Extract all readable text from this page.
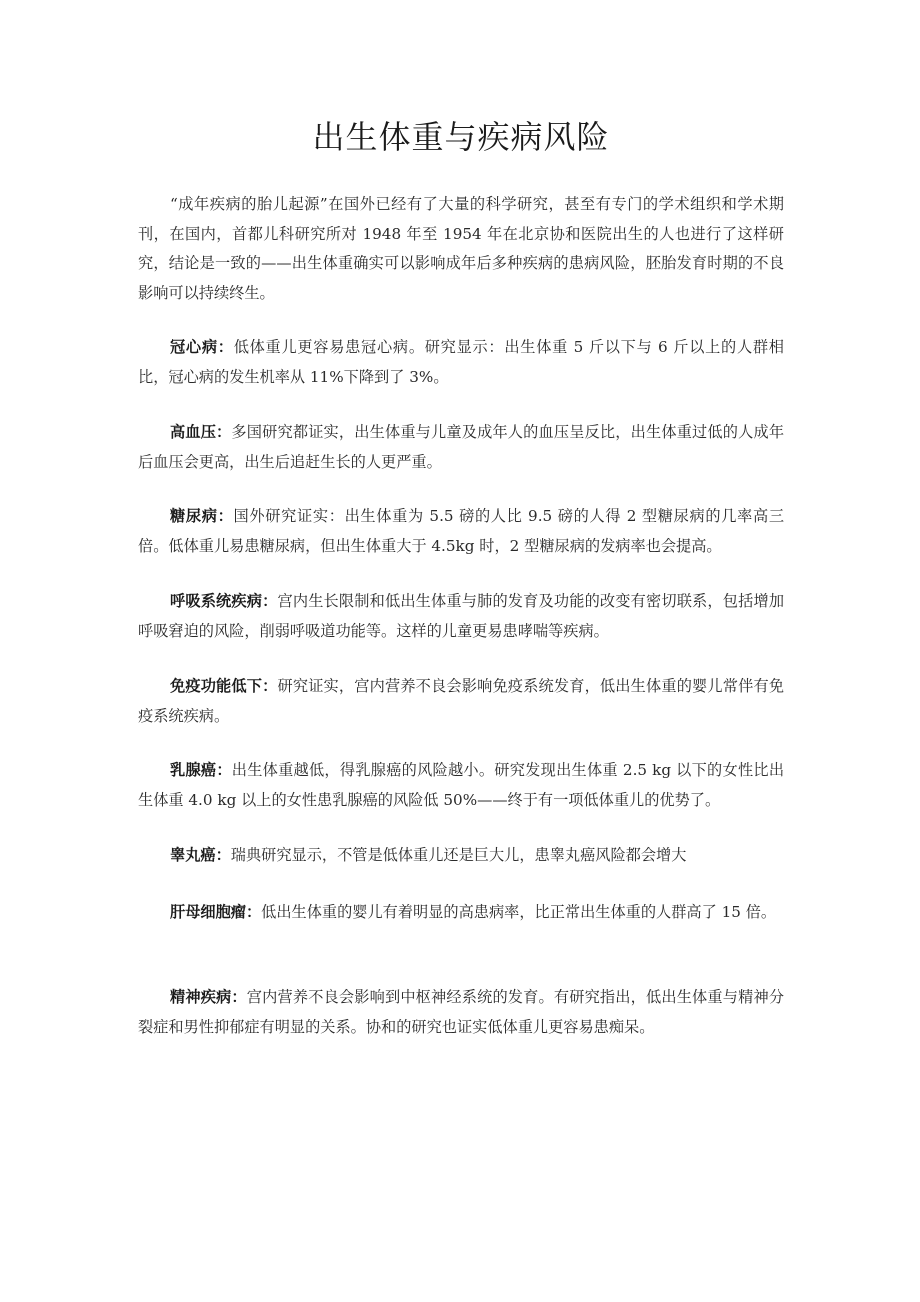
出生体重与疾病风险

“成年疾病的胎儿起源”在国外已经有了大量的科学研究，甚至有专门的学术组织和学术期刊，在国内，首都儿科研究所对 1948 年至 1954 年在北京协和医院出生的人也进行了这样研究，结论是一致的——出生体重确实可以影响成年后多种疾病的患病风险，胚胎发育时期的不良影响可以持续终生。

冠心病：低体重儿更容易患冠心病。研究显示：出生体重 5 斤以下与 6 斤以上的人群相比，冠心病的发生机率从 11%下降到了 3%。

高血压：多国研究都证实，出生体重与儿童及成年人的血压呈反比，出生体重过低的人成年后血压会更高，出生后追赶生长的人更严重。

糖尿病：国外研究证实：出生体重为 5.5 磅的人比 9.5 磅的人得 2 型糖尿病的几率高三倍。低体重儿易患糖尿病，但出生体重大于 4.5kg 时，2 型糖尿病的发病率也会提高。

呼吸系统疾病：宫内生长限制和低出生体重与肺的发育及功能的改变有密切联系，包括增加呼吸窘迫的风险，削弱呼吸道功能等。这样的儿童更易患哮喘等疾病。

免疫功能低下：研究证实，宫内营养不良会影响免疫系统发育，低出生体重的婴儿常伴有免疫系统疾病。

乳腺癌：出生体重越低，得乳腺癌的风险越小。研究发现出生体重 2.5 kg 以下的女性比出生体重 4.0 kg 以上的女性患乳腺癌的风险低 50%——终于有一项低体重儿的优势了。

睾丸癌：瑞典研究显示，不管是低体重儿还是巨大儿，患睾丸癌风险都会增大

肝母细胞瘤：低出生体重的婴儿有着明显的高患病率，比正常出生体重的人群高了 15 倍。

精神疾病：宫内营养不良会影响到中枢神经系统的发育。有研究指出，低出生体重与精神分裂症和男性抑郁症有明显的关系。协和的研究也证实低体重儿更容易患痴呆。
